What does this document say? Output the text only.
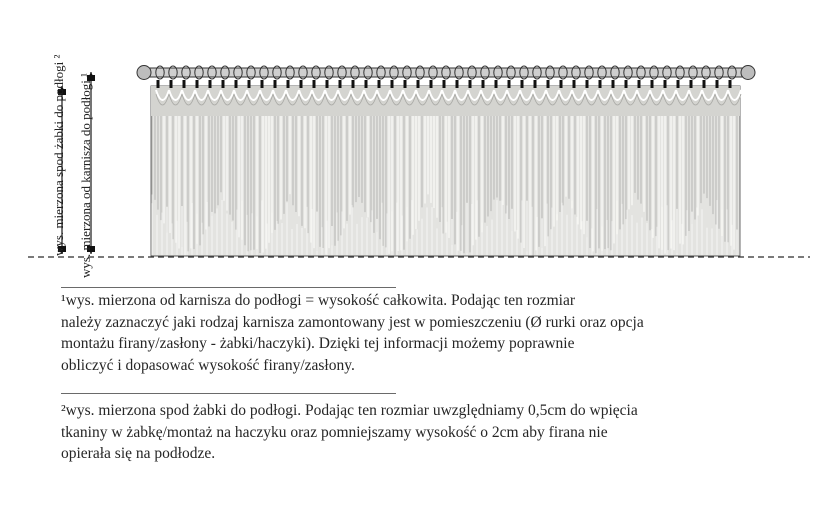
wys. mierzona spod żabki do podłogi ² wys. mierzona od karnisza do podłogi ¹
¹wys. mierzona od karnisza do podłogi = wysokość całkowita. Podając ten rozmiar
należy zaznaczyć jaki rodzaj karnisza zamontowany jest w pomieszczeniu (Ø rurki oraz opcja
montażu firany/zasłony - żabki/haczyki). Dzięki tej informacji możemy poprawnie
obliczyć i dopasować wysokość firany/zasłony.
²wys. mierzona spod żabki do podłogi. Podając ten rozmiar uwzględniamy 0,5cm do wpięcia
tkaniny w żabkę/montaż na haczyku oraz pomniejszamy wysokość o 2cm aby firana nie
opierała się na podłodze.
